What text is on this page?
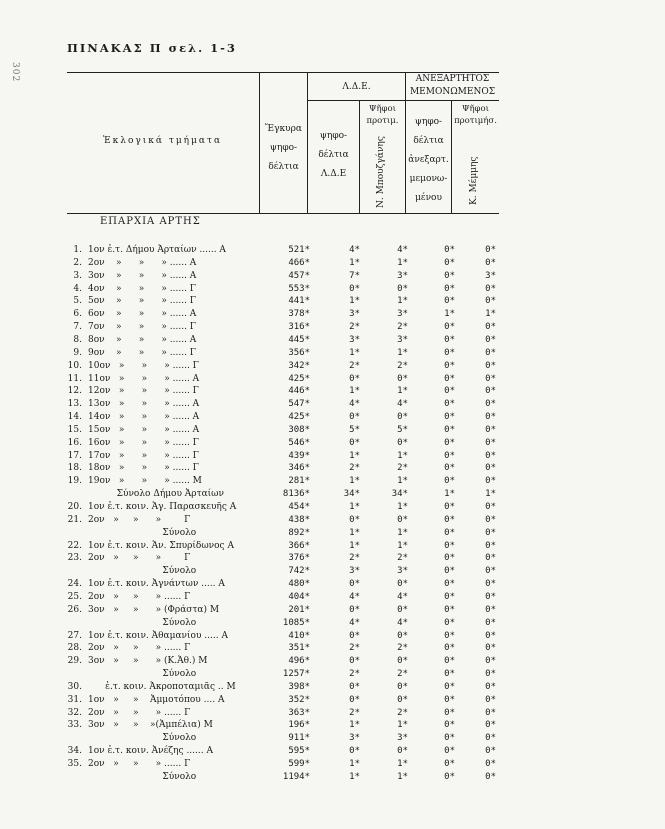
302
ΠΙΝΑΚΑΣ Π σελ. 1-3
Ἐκλογικά τμήματα
Ἔγκυρα
ψηφο-
δέλτια
Λ.Δ.Ε.
ψηφο-
δέλτια
Λ.Δ.Ε
Ψῆφοι
προτιμ.
Ν. Μπουζγάνης
ΑΝΕΞΑΡΤΗΤΟΣ
ΜΕΜΟΝΩΜΕΝΟΣ
ψηφο-
δέλτια
ἀνεξαρτ.
μεμονω-
μένου
Ψῆφοι
προτιμήσ.
Κ. Μέμμης
ΕΠΑΡΧΙΑ ΑΡΤΗΣ
1. 1ον ἐ.τ. Δήμου Ἀρταίων ...... Α	521*	4*	4*	0*	0*
2. 2ον    »      »      » ...... Α	466*	1*	1*	0*	0*
3. 3ον    »      »      » ...... Α	457*	7*	3*	0*	3*
4. 4ον    »      »      » ...... Γ	553*	0*	0*	0*	0*
5. 5ον    »      »      » ...... Γ	441*	1*	1*	0*	0*
6. 6ον    »      »      » ...... Α	378*	3*	3*	1*	1*
7. 7ον    »      »      » ...... Γ	316*	2*	2*	0*	0*
8. 8ον    »      »      » ...... Α	445*	3*	3*	0*	0*
9. 9ον    »      »      » ...... Γ	356*	1*	1*	0*	0*
10. 10ον   »      »      » ...... Γ	342*	2*	2*	0*	0*
11. 11ον   »      »      » ...... Α	425*	0*	0*	0*	0*
12. 12ον   »      »      » ...... Γ	446*	1*	1*	0*	0*
13. 13ον   »      »      » ...... Α	547*	4*	4*	0*	0*
14. 14ον   »      »      » ...... Α	425*	0*	0*	0*	0*
15. 15ον   »      »      » ...... Α	308*	5*	5*	0*	0*
16. 16ον   »      »      » ...... Γ	546*	0*	0*	0*	0*
17. 17ον   »      »      » ...... Γ	439*	1*	1*	0*	0*
18. 18ον   »      »      » ...... Γ	346*	2*	2*	0*	0*
19. 19ον   »      »      » ...... Μ	281*	1*	1*	0*	0*
Σύνολο Δήμου Ἀρταίων	8136*	34*	34*	1*	1*
20. 1ον ἐ.τ. κοιν. Ἁγ. Παρασκευῆς Α	454*	1*	1*	0*	0*
21. 2ον   »     »      »        Γ	438*	0*	0*	0*	0*
Σύνολο	892*	1*	1*	0*	0*
22. 1ον ἐ.τ. κοιν. Ἁν. Σπυρίδωνος Α	366*	1*	1*	0*	0*
23. 2ον   »     »      »        Γ	376*	2*	2*	0*	0*
Σύνολο	742*	3*	3*	0*	0*
24. 1ον ἐ.τ. κοιν. Ἀγνάντων ..... Α	480*	0*	0*	0*	0*
25. 2ον   »     »      » ...... Γ	404*	4*	4*	0*	0*
26. 3ον   »     »      » (Φράστα) Μ	201*	0*	0*	0*	0*
Σύνολο	1085*	4*	4*	0*	0*
27. 1ον ἐ.τ. κοιν. Ἀθαμανίου ..... Α	410*	0*	0*	0*	0*
28. 2ον   »     »      » ...... Γ	351*	2*	2*	0*	0*
29. 3ον   »     »      » (Κ.Ἀθ.) Μ	496*	0*	0*	0*	0*
Σύνολο	1257*	2*	2*	0*	0*
30. ἐ.τ. κοιν. Ἀκροποταμιᾶς .. Μ	398*	0*	0*	0*	0*
31. 1ον   »     »    Ἀμμοτόπου .... Α	352*	0*	0*	0*	0*
32. 2ον   »     »      » ...... Γ	363*	2*	2*	0*	0*
33. 3ον   »     »    »(Ἀμπέλια) Μ	196*	1*	1*	0*	0*
Σύνολο	911*	3*	3*	0*	0*
34. 1ον ἐ.τ. κοιν. Ἀνέζης ...... Α	595*	0*	0*	0*	0*
35. 2ον   »     »      » ...... Γ	599*	1*	1*	0*	0*
Σύνολο	1194*	1*	1*	0*	0*
